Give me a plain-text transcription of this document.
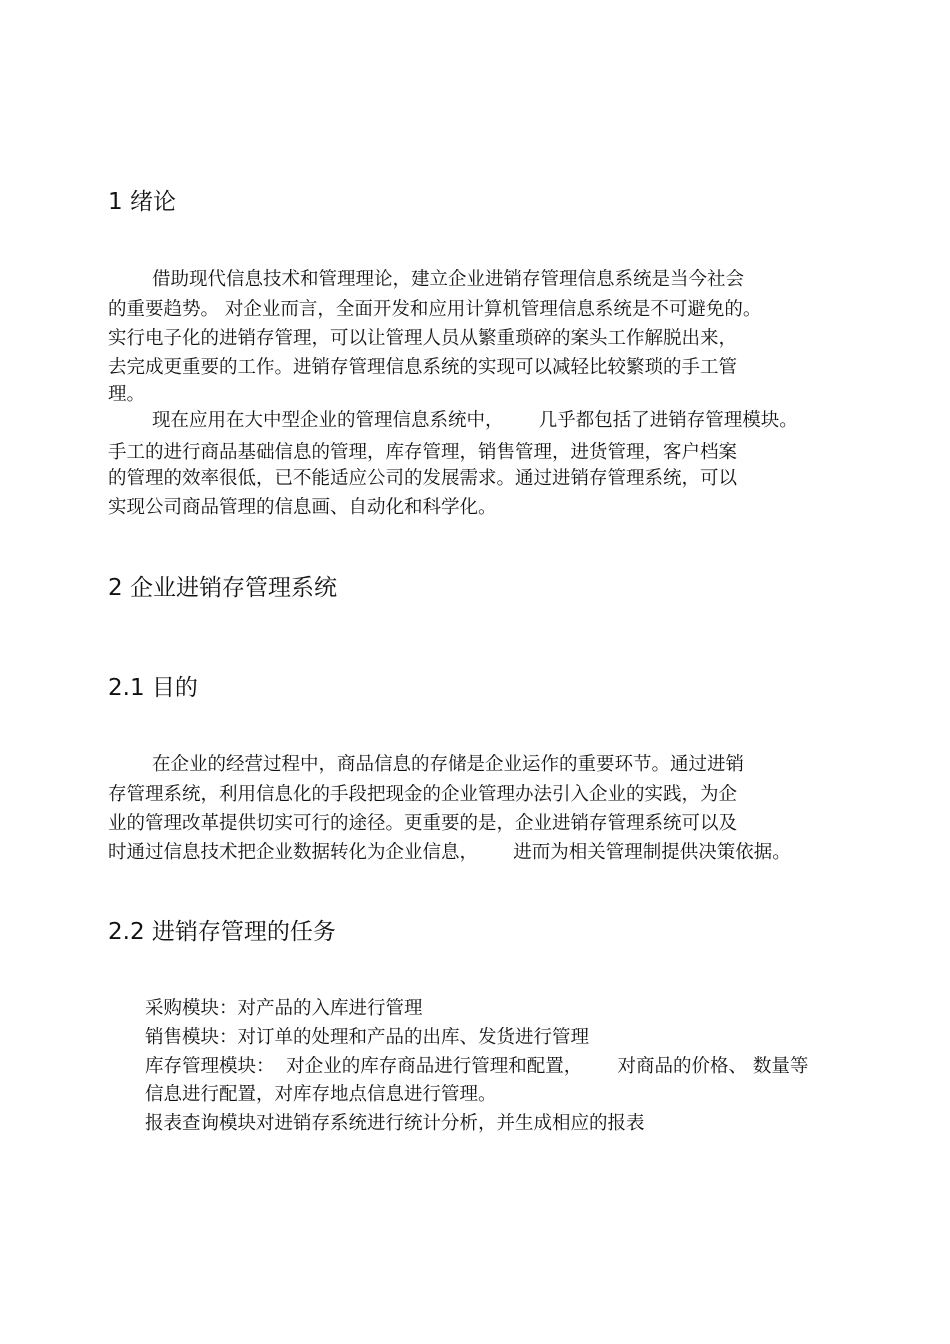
1 绪论

借助现代信息技术和管理理论，建立企业进销存管理信息系统是当今社会

的重要趋势。 对企业而言，全面开发和应用计算机管理信息系统是不可避免的。

实行电子化的进销存管理，可以让管理人员从繁重琐碎的案头工作解脱出来，

去完成更重要的工作。进销存管理信息系统的实现可以减轻比较繁琐的手工管

理。

现在应用在大中型企业的管理信息系统中，      几乎都包括了进销存管理模块。

手工的进行商品基础信息的管理，库存管理，销售管理，进货管理，客户档案

的管理的效率很低，已不能适应公司的发展需求。通过进销存管理系统，可以

实现公司商品管理的信息画、自动化和科学化。

2 企业进销存管理系统
2.1 目的

在企业的经营过程中，商品信息的存储是企业运作的重要环节。通过进销

存管理系统，利用信息化的手段把现金的企业管理办法引入企业的实践，为企

业的管理改革提供切实可行的途径。更重要的是，企业进销存管理系统可以及

时通过信息技术把企业数据转化为企业信息，      进而为相关管理制提供决策依据。

2.2 进销存管理的任务

采购模块：对产品的入库进行管理

销售模块：对订单的处理和产品的出库、发货进行管理

库存管理模块：  对企业的库存商品进行管理和配置，      对商品的价格、 数量等

信息进行配置，对库存地点信息进行管理。

报表查询模块对进销存系统进行统计分析，并生成相应的报表
